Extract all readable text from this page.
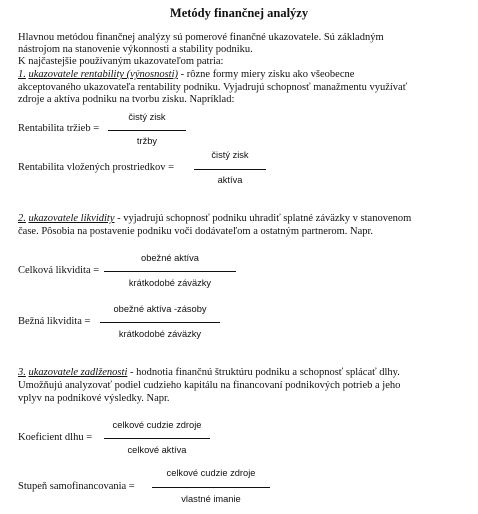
Metódy finančnej analýzy
Hlavnou metódou finančnej analýzy sú pomerové finančné ukazovatele. Sú základným
nástrojom na stanovenie výkonnosti a stability podniku.
K najčastejšie používaným ukazovateľom patria:
1. ukazovatele rentability (výnosnosti) - rôzne formy miery zisku ako všeobecne
akceptovaného ukazovateľa rentability podniku. Vyjadrujú schopnosť manažmentu využívať
zdroje a aktíva podniku na tvorbu zisku. Napríklad:
čistý zisk
Rentabilita tržieb =
tržby
čistý zisk
Rentabilita vložených prostriedkov =
aktíva
2. ukazovatele likvidity - vyjadrujú schopnosť podniku uhradiť splatné záväzky v stanovenom
čase. Pôsobia na postavenie podniku voči dodávateľom a ostatným partnerom. Napr.
obežné aktíva
Celková likvidita =
krátkodobé záväzky
obežné aktíva -zásoby
Bežná likvidita =
krátkodobé záväzky
3. ukazovatele zadlženosti - hodnotia finančnú štruktúru podniku a schopnosť splácať dlhy.
Umožňujú analyzovať podiel cudzieho kapitálu na financovaní podnikových potrieb a jeho
vplyv na podnikové výsledky. Napr.
celkové cudzie zdroje
Koeficient dlhu =
celkové aktíva
celkové cudzie zdroje
Stupeň samofinancovania =
vlastné imanie
